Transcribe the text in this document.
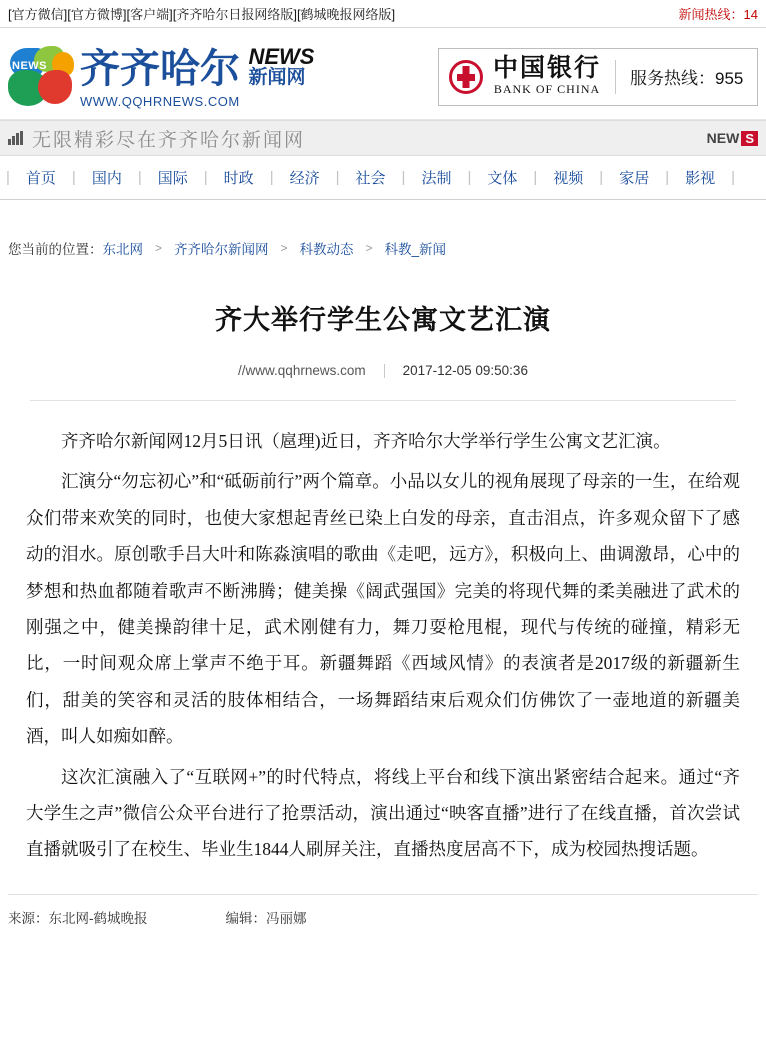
[官方微信] [官方微博] [客户端] [齐齐哈尔日报网络版] [鹤城晚报网络版]	新闻热线：14
NEWS 齐齐哈尔 NEWS
新闻网
WWW.QQHRNEWS.COM
中国银行
BANK OF CHINA
服务热线：955
无限精彩尽在齐齐哈尔新闻网	NEW S
|	首页	|	国内	|	国际	|	时政	|	经济	|	社会	|	法制	|	文体	|	视频	|	家居	|	影视	|
您当前的位置： 东北网	> 齐齐哈尔新闻网	> 科教动态	> 科教_新闻
齐大举行学生公寓文艺汇演
//www.qqhrnews.com	2017-12-05 09:50:36

齐齐哈尔新闻网12月5日讯（扈理)近日，齐齐哈尔大学举行学生公寓文艺汇演。

汇演分“勿忘初心”和“砥砺前行”两个篇章。小品以女儿的视角展现了母亲的一生，在给观众们带来欢笑的同时，也使大家想起青丝已染上白发的母亲，直击泪点，许多观众留下了感动的泪水。原创歌手吕大叶和陈淼演唱的歌曲《走吧，远方》，积极向上、曲调激昂，心中的梦想和热血都随着歌声不断沸腾；健美操《阔武强国》完美的将现代舞的柔美融进了武术的刚强之中，健美操韵律十足，武术刚健有力，舞刀耍枪甩棍，现代与传统的碰撞，精彩无比，一时间观众席上掌声不绝于耳。新疆舞蹈《西域风情》的表演者是2017级的新疆新生们，甜美的笑容和灵活的肢体相结合，一场舞蹈结束后观众们仿佛饮了一壶地道的新疆美酒，叫人如痴如醉。

这次汇演融入了“互联网+”的时代特点，将线上平台和线下演出紧密结合起来。通过“齐大学生之声”微信公众平台进行了抢票活动，演出通过“映客直播”进行了在线直播，首次尝试直播就吸引了在校生、毕业生1844人刷屏关注，直播热度居高不下，成为校园热搜话题。

来源：东北网-鹤城晚报	编辑：冯丽娜
